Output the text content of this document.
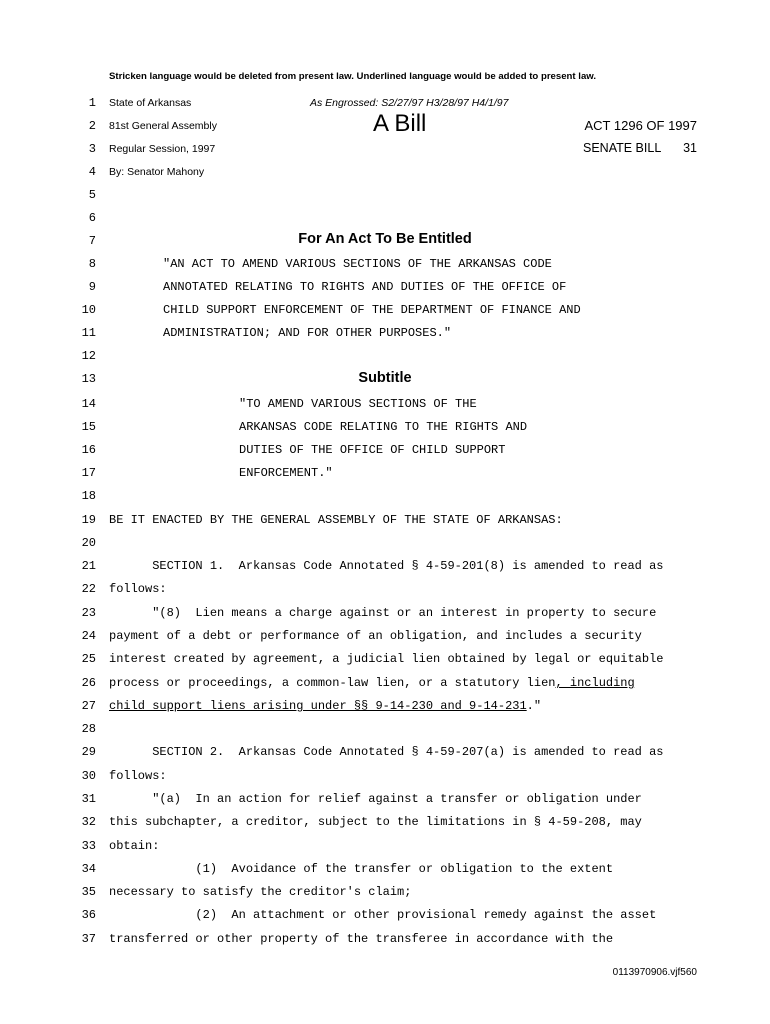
Stricken language would be deleted from present law. Underlined language would be added to present law.
1 State of Arkansas	As Engrossed: S2/27/97 H3/28/97 H4/1/97
2 81st General Assembly	A Bill	ACT 1296 OF 1997
3 Regular Session, 1997	SENATE BILL 31
4 By: Senator Mahony
5
6
7	For An Act To Be Entitled
8	"AN ACT TO AMEND VARIOUS SECTIONS OF THE ARKANSAS CODE
9	ANNOTATED RELATING TO RIGHTS AND DUTIES OF THE OFFICE OF
10	CHILD SUPPORT ENFORCEMENT OF THE DEPARTMENT OF FINANCE AND
11	ADMINISTRATION; AND FOR OTHER PURPOSES."
12
13	Subtitle
14	"TO AMEND VARIOUS SECTIONS OF THE
15	ARKANSAS CODE RELATING TO THE RIGHTS AND
16	DUTIES OF THE OFFICE OF CHILD SUPPORT
17	ENFORCEMENT."
18
19 BE IT ENACTED BY THE GENERAL ASSEMBLY OF THE STATE OF ARKANSAS:
20
21 SECTION 1.  Arkansas Code Annotated § 4-59-201(8) is amended to read as
22 follows:
23 "(8)  Lien means a charge against or an interest in property to secure
24 payment of a debt or performance of an obligation, and includes a security
25 interest created by agreement, a judicial lien obtained by legal or equitable
26 process or proceedings, a common-law lien, or a statutory lien, including
27 child support liens arising under §§ 9-14-230 and 9-14-231."
28
29 SECTION 2.  Arkansas Code Annotated § 4-59-207(a) is amended to read as
30 follows:
31 "(a)  In an action for relief against a transfer or obligation under
32 this subchapter, a creditor, subject to the limitations in § 4-59-208, may
33 obtain:
34 (1)  Avoidance of the transfer or obligation to the extent
35 necessary to satisfy the creditor's claim;
36 (2)  An attachment or other provisional remedy against the asset
37 transferred or other property of the transferee in accordance with the
0113970906.vjf560
